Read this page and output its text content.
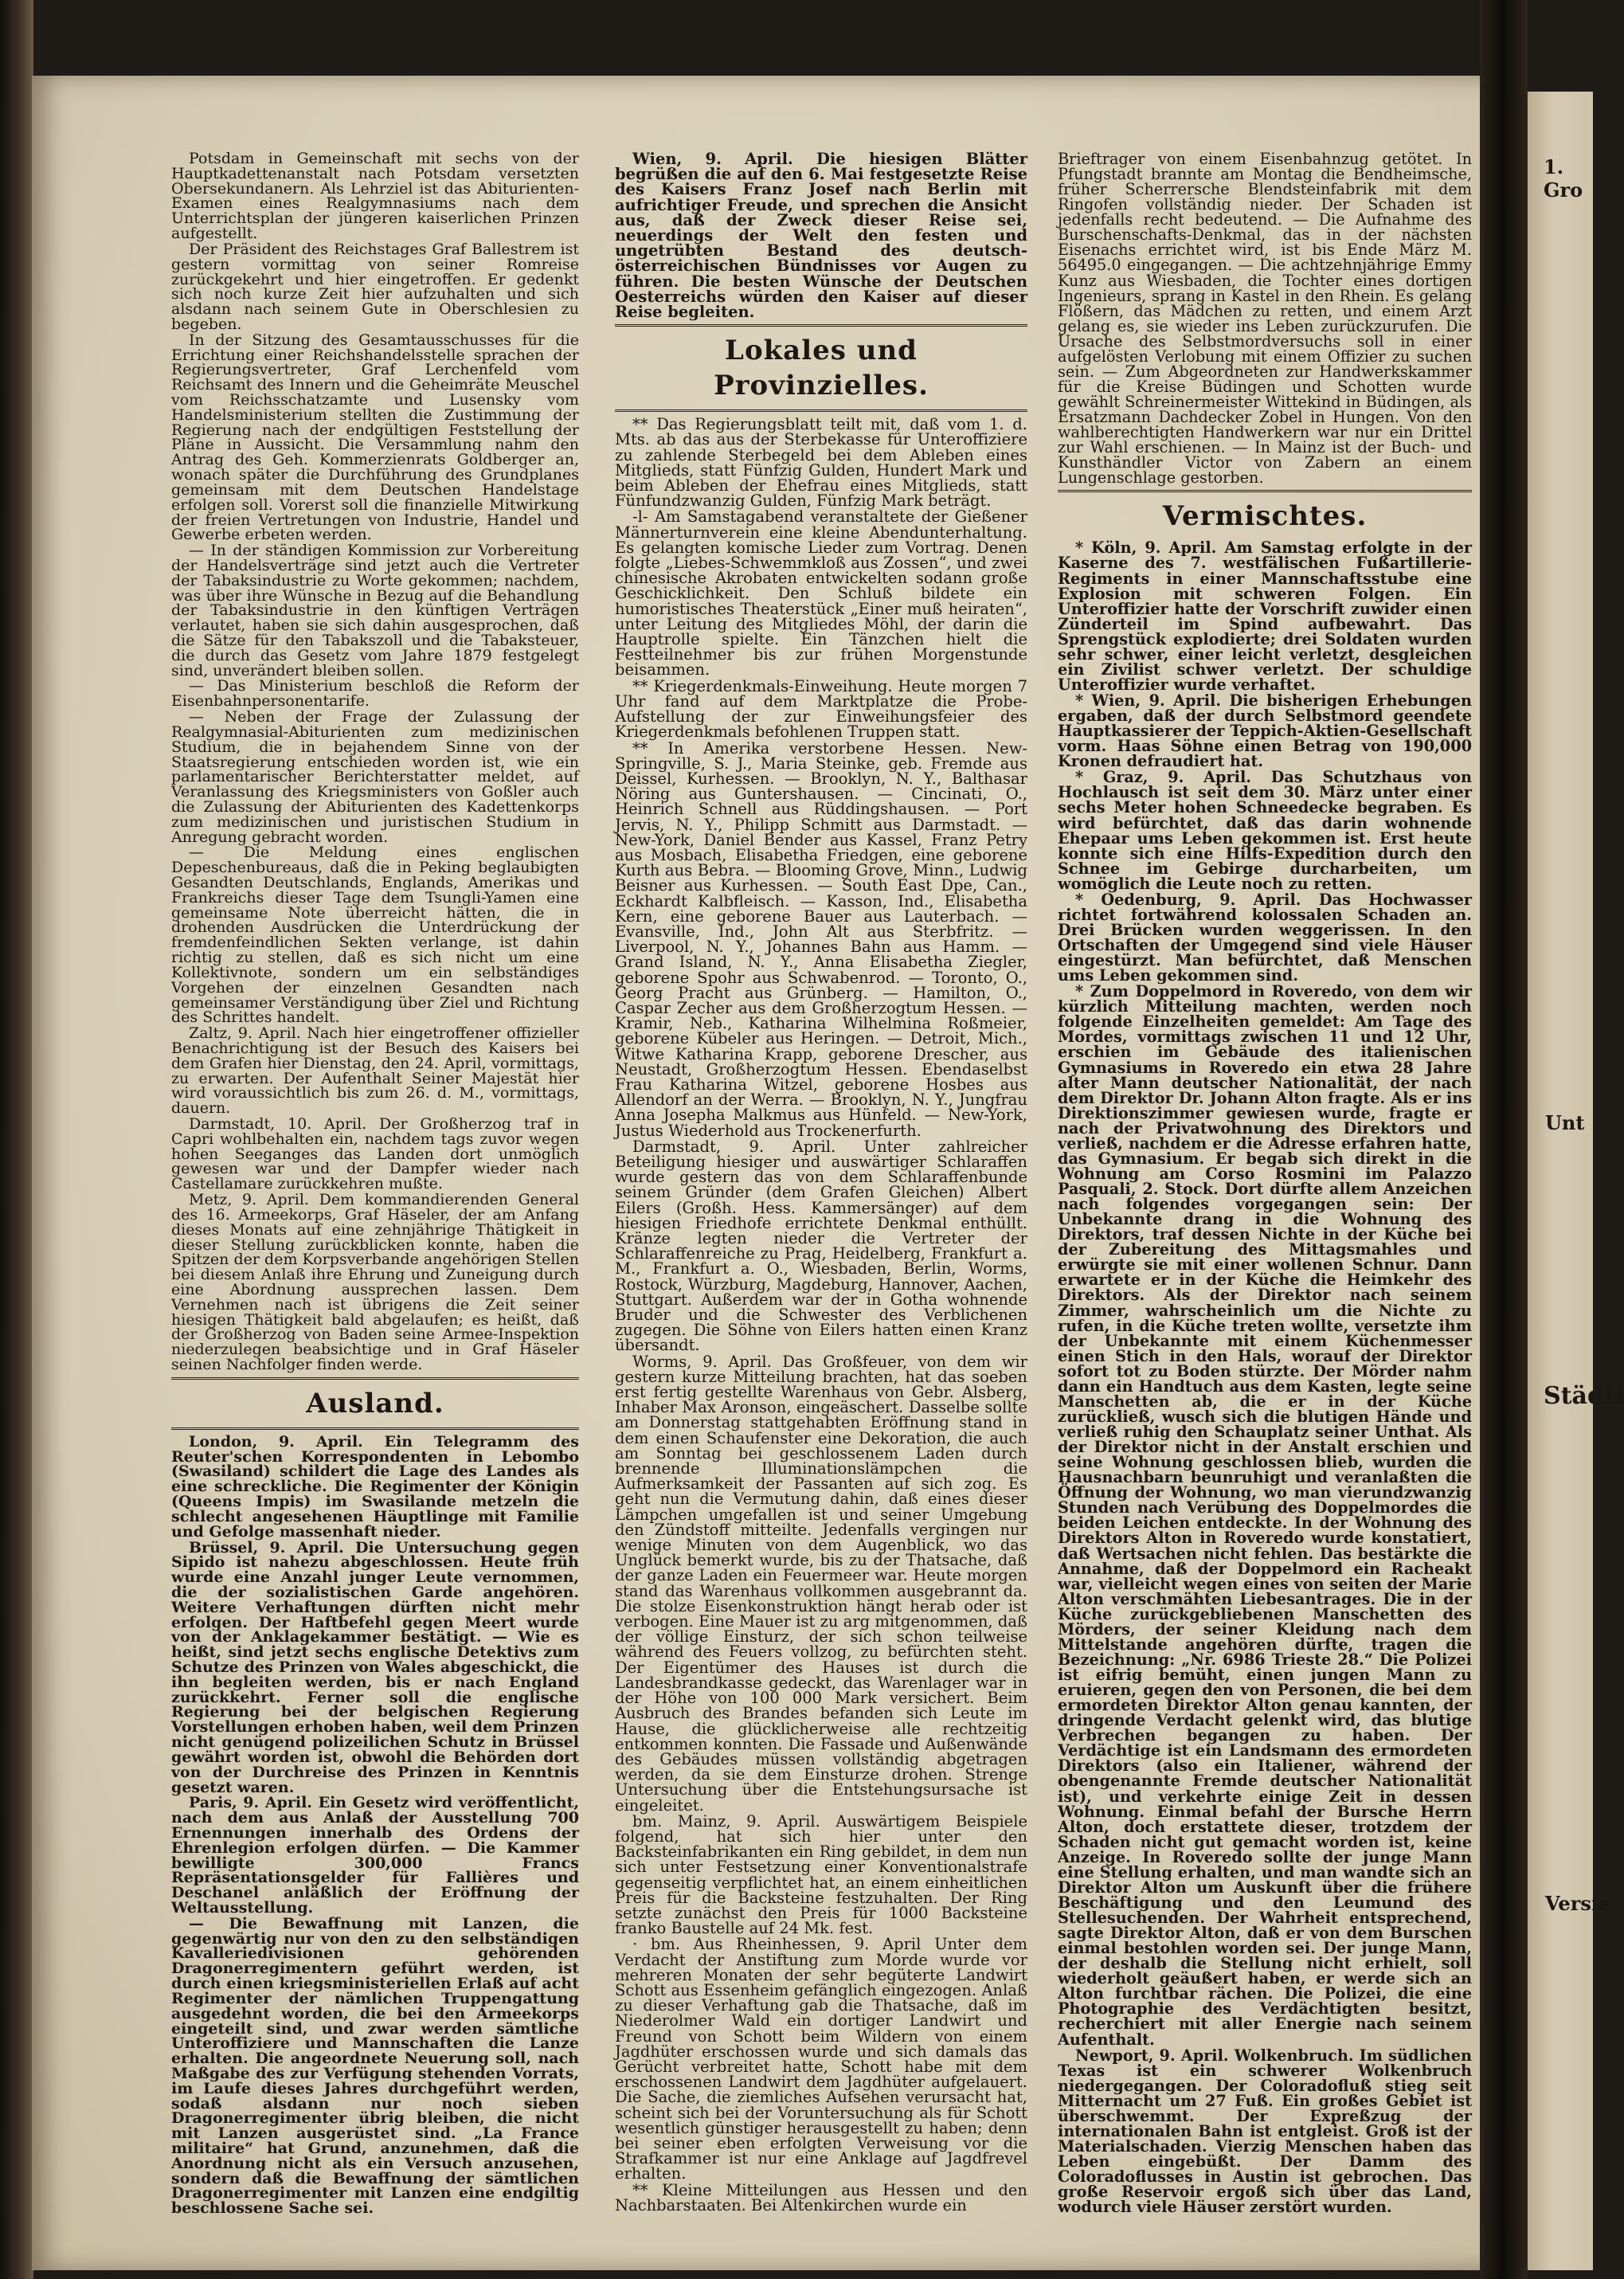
Potsdam in Gemeinschaft mit sechs von der Hauptkadettenanstalt nach Potsdam versetzten Obersekundanern. Als Lehrziel ist das Abiturienten-Examen eines Realgymnasiums nach dem Unterrichtsplan der jüngeren kaiserlichen Prinzen aufgestellt.

Der Präsident des Reichstages Graf Ballestrem ist gestern vormittag von seiner Romreise zurückgekehrt und hier eingetroffen. Er gedenkt sich noch kurze Zeit hier aufzuhalten und sich alsdann nach seinem Gute in Oberschlesien zu begeben.

In der Sitzung des Gesamtausschusses für die Errichtung einer Reichshandelsstelle sprachen der Regierungsvertreter, Graf Lerchenfeld vom Reichsamt des Innern und die Geheimräte Meuschel vom Reichsschatzamte und Lusensky vom Handelsministerium stellten die Zustimmung der Regierung nach der endgültigen Feststellung der Pläne in Aussicht. Die Versammlung nahm den Antrag des Geh. Kommerzienrats Goldberger an, wonach später die Durchführung des Grundplanes gemeinsam mit dem Deutschen Handelstage erfolgen soll. Vorerst soll die finanzielle Mitwirkung der freien Vertretungen von Industrie, Handel und Gewerbe erbeten werden.

— In der ständigen Kommission zur Vorbereitung der Handelsverträge sind jetzt auch die Vertreter der Tabaksindustrie zu Worte gekommen; nachdem, was über ihre Wünsche in Bezug auf die Behandlung der Tabaksindustrie in den künftigen Verträgen verlautet, haben sie sich dahin ausgesprochen, daß die Sätze für den Tabakszoll und die Tabaksteuer, die durch das Gesetz vom Jahre 1879 festgelegt sind, unverändert bleiben sollen.

— Das Ministerium beschloß die Reform der Eisenbahnpersonentarife.

— Neben der Frage der Zulassung der Realgymnasial-Abiturienten zum medizinischen Studium, die in bejahendem Sinne von der Staatsregierung entschieden worden ist, wie ein parlamentarischer Berichterstatter meldet, auf Veranlassung des Kriegsministers von Goßler auch die Zulassung der Abiturienten des Kadettenkorps zum medizinischen und juristischen Studium in Anregung gebracht worden.

— Die Meldung eines englischen Depeschenbureaus, daß die in Peking beglaubigten Gesandten Deutschlands, Englands, Amerikas und Frankreichs dieser Tage dem Tsungli-Yamen eine gemeinsame Note überreicht hätten, die in drohenden Ausdrücken die Unterdrückung der fremdenfeindlichen Sekten verlange, ist dahin richtig zu stellen, daß es sich nicht um eine Kollektivnote, sondern um ein selbständiges Vorgehen der einzelnen Gesandten nach gemeinsamer Verständigung über Ziel und Richtung des Schrittes handelt.

Zaltz, 9. April. Nach hier eingetroffener offizieller Benachrichtigung ist der Besuch des Kaisers bei dem Grafen hier Dienstag, den 24. April, vormittags, zu erwarten. Der Aufenthalt Seiner Majestät hier wird voraussichtlich bis zum 26. d. M., vormittags, dauern.

Darmstadt, 10. April. Der Großherzog traf in Capri wohlbehalten ein, nachdem tags zuvor wegen hohen Seeganges das Landen dort unmöglich gewesen war und der Dampfer wieder nach Castellamare zurückkehren mußte.

Metz, 9. April. Dem kommandierenden General des 16. Armeekorps, Graf Häseler, der am Anfang dieses Monats auf eine zehnjährige Thätigkeit in dieser Stellung zurückblicken konnte, haben die Spitzen der dem Korpsverbande angehörigen Stellen bei diesem Anlaß ihre Ehrung und Zuneigung durch eine Abordnung aussprechen lassen. Dem Vernehmen nach ist übrigens die Zeit seiner hiesigen Thätigkeit bald abgelaufen; es heißt, daß der Großherzog von Baden seine Armee-Inspektion niederzulegen beabsichtige und in Graf Häseler seinen Nachfolger finden werde.

Ausland.

London, 9. April. Ein Telegramm des Reuter'schen Korrespondenten in Lebombo (Swasiland) schildert die Lage des Landes als eine schreckliche. Die Regimenter der Königin (Queens Impis) im Swasilande metzeln die schlecht angesehenen Häuptlinge mit Familie und Gefolge massenhaft nieder.

Brüssel, 9. April. Die Untersuchung gegen Sipido ist nahezu abgeschlossen. Heute früh wurde eine Anzahl junger Leute vernommen, die der sozialistischen Garde angehören. Weitere Verhaftungen dürften nicht mehr erfolgen. Der Haftbefehl gegen Meert wurde von der Anklagekammer bestätigt. — Wie es heißt, sind jetzt sechs englische Detektivs zum Schutze des Prinzen von Wales abgeschickt, die ihn begleiten werden, bis er nach England zurückkehrt. Ferner soll die englische Regierung bei der belgischen Regierung Vorstellungen erhoben haben, weil dem Prinzen nicht genügend polizeilichen Schutz in Brüssel gewährt worden ist, obwohl die Behörden dort von der Durchreise des Prinzen in Kenntnis gesetzt waren.

Paris, 9. April. Ein Gesetz wird veröffentlicht, nach dem aus Anlaß der Ausstellung 700 Ernennungen innerhalb des Ordens der Ehrenlegion erfolgen dürfen. — Die Kammer bewilligte 300,000 Francs Repräsentationsgelder für Fallières und Deschanel anläßlich der Eröffnung der Weltausstellung.

— Die Bewaffnung mit Lanzen, die gegenwärtig nur von den zu den selbständigen Kavalleriedivisionen gehörenden Dragonerregimentern geführt werden, ist durch einen kriegsministeriellen Erlaß auf acht Regimenter der nämlichen Truppengattung ausgedehnt worden, die bei den Armeekorps eingeteilt sind, und zwar werden sämtliche Unteroffiziere und Mannschaften die Lanze erhalten. Die angeordnete Neuerung soll, nach Maßgabe des zur Verfügung stehenden Vorrats, im Laufe dieses Jahres durchgeführt werden, sodaß alsdann nur noch sieben Dragonerregimenter übrig bleiben, die nicht mit Lanzen ausgerüstet sind. „La France militaire“ hat Grund, anzunehmen, daß die Anordnung nicht als ein Versuch anzusehen, sondern daß die Bewaffnung der sämtlichen Dragonerregimenter mit Lanzen eine endgiltig beschlossene Sache sei.

Wien, 9. April. Die hiesigen Blätter begrüßen die auf den 6. Mai festgesetzte Reise des Kaisers Franz Josef nach Berlin mit aufrichtiger Freude, und sprechen die Ansicht aus, daß der Zweck dieser Reise sei, neuerdings der Welt den festen und ungetrübten Bestand des deutsch-österreichischen Bündnisses vor Augen zu führen. Die besten Wünsche der Deutschen Oesterreichs würden den Kaiser auf dieser Reise begleiten.

Lokales und Provinzielles.

** Das Regierungsblatt teilt mit, daß vom 1. d. Mts. ab das aus der Sterbekasse für Unteroffiziere zu zahlende Sterbegeld bei dem Ableben eines Mitglieds, statt Fünfzig Gulden, Hundert Mark und beim Ableben der Ehefrau eines Mitglieds, statt Fünfundzwanzig Gulden, Fünfzig Mark beträgt.

-l- Am Samstagabend veranstaltete der Gießener Männerturnverein eine kleine Abendunterhaltung. Es gelangten komische Lieder zum Vortrag. Denen folgte „Liebes-Schwemmkloß aus Zossen“, und zwei chinesische Akrobaten entwickelten sodann große Geschicklichkeit. Den Schluß bildete ein humoristisches Theaterstück „Einer muß heiraten“, unter Leitung des Mitgliedes Möhl, der darin die Hauptrolle spielte. Ein Tänzchen hielt die Festteilnehmer bis zur frühen Morgenstunde beisammen.

** Kriegerdenkmals-Einweihung. Heute morgen 7 Uhr fand auf dem Marktplatze die Probe-Aufstellung der zur Einweihungsfeier des Kriegerdenkmals befohlenen Truppen statt.

** In Amerika verstorbene Hessen. New-Springville, S. J., Maria Steinke, geb. Fremde aus Deissel, Kurhessen. — Brooklyn, N. Y., Balthasar Nöring aus Guntershausen. — Cincinati, O., Heinrich Schnell aus Rüddingshausen. — Port Jervis, N. Y., Philipp Schmitt aus Darmstadt. — New-York, Daniel Bender aus Kassel, Franz Petry aus Mosbach, Elisabetha Friedgen, eine geborene Kurth aus Bebra. — Blooming Grove, Minn., Ludwig Beisner aus Kurhessen. — South East Dpe, Can., Eckhardt Kalbfleisch. — Kasson, Ind., Elisabetha Kern, eine geborene Bauer aus Lauterbach. — Evansville, Ind., John Alt aus Sterbfritz. — Liverpool, N. Y., Johannes Bahn aus Hamm. — Grand Island, N. Y., Anna Elisabetha Ziegler, geborene Spohr aus Schwabenrod. — Toronto, O., Georg Pracht aus Grünberg. — Hamilton, O., Caspar Zecher aus dem Großherzogtum Hessen. — Kramir, Neb., Katharina Wilhelmina Roßmeier, geborene Kübeler aus Heringen. — Detroit, Mich., Witwe Katharina Krapp, geborene Drescher, aus Neustadt, Großherzogtum Hessen. Ebendaselbst Frau Katharina Witzel, geborene Hosbes aus Allendorf an der Werra. — Brooklyn, N. Y., Jungfrau Anna Josepha Malkmus aus Hünfeld. — New-York, Justus Wiederhold aus Trockenerfurth.

Darmstadt, 9. April. Unter zahlreicher Beteiligung hiesiger und auswärtiger Schlaraffen wurde gestern das von dem Schlaraffenbunde seinem Gründer (dem Grafen Gleichen) Albert Eilers (Großh. Hess. Kammersänger) auf dem hiesigen Friedhofe errichtete Denkmal enthüllt. Kränze legten nieder die Vertreter der Schlaraffenreiche zu Prag, Heidelberg, Frankfurt a. M., Frankfurt a. O., Wiesbaden, Berlin, Worms, Rostock, Würzburg, Magdeburg, Hannover, Aachen, Stuttgart. Außerdem war der in Gotha wohnende Bruder und die Schwester des Verblichenen zugegen. Die Söhne von Eilers hatten einen Kranz übersandt.

Worms, 9. April. Das Großfeuer, von dem wir gestern kurze Mitteilung brachten, hat das soeben erst fertig gestellte Warenhaus von Gebr. Alsberg, Inhaber Max Aronson, eingeäschert. Dasselbe sollte am Donnerstag stattgehabten Eröffnung stand in dem einen Schaufenster eine Dekoration, die auch am Sonntag bei geschlossenem Laden durch brennende Illuminationslämpchen die Aufmerksamkeit der Passanten auf sich zog. Es geht nun die Vermutung dahin, daß eines dieser Lämpchen umgefallen ist und seiner Umgebung den Zündstoff mitteilte. Jedenfalls vergingen nur wenige Minuten von dem Augenblick, wo das Unglück bemerkt wurde, bis zu der Thatsache, daß der ganze Laden ein Feuermeer war. Heute morgen stand das Warenhaus vollkommen ausgebrannt da. Die stolze Eisenkonstruktion hängt herab oder ist verbogen. Eine Mauer ist zu arg mitgenommen, daß der völlige Einsturz, der sich schon teilweise während des Feuers vollzog, zu befürchten steht. Der Eigentümer des Hauses ist durch die Landesbrandkasse gedeckt, das Warenlager war in der Höhe von 100 000 Mark versichert. Beim Ausbruch des Brandes befanden sich Leute im Hause, die glücklicherweise alle rechtzeitig entkommen konnten. Die Fassade und Außenwände des Gebäudes müssen vollständig abgetragen werden, da sie dem Einsturze drohen. Strenge Untersuchung über die Entstehungsursache ist eingeleitet.

bm. Mainz, 9. April. Auswärtigem Beispiele folgend, hat sich hier unter den Backsteinfabrikanten ein Ring gebildet, in dem nun sich unter Festsetzung einer Konventionalstrafe gegenseitig verpflichtet hat, an einem einheitlichen Preis für die Backsteine festzuhalten. Der Ring setzte zunächst den Preis für 1000 Backsteine franko Baustelle auf 24 Mk. fest.

· bm. Aus Rheinhessen, 9. April Unter dem Verdacht der Anstiftung zum Morde wurde vor mehreren Monaten der sehr begüterte Landwirt Schott aus Essenheim gefänglich eingezogen. Anlaß zu dieser Verhaftung gab die Thatsache, daß im Niederolmer Wald ein dortiger Landwirt und Freund von Schott beim Wildern von einem Jagdhüter erschossen wurde und sich damals das Gerücht verbreitet hatte, Schott habe mit dem erschossenen Landwirt dem Jagdhüter aufgelauert. Die Sache, die ziemliches Aufsehen verursacht hat, scheint sich bei der Voruntersuchung als für Schott wesentlich günstiger herausgestellt zu haben; denn bei seiner eben erfolgten Verweisung vor die Strafkammer ist nur eine Anklage auf Jagdfrevel erhalten.

** Kleine Mitteilungen aus Hessen und den Nachbarstaaten. Bei Altenkirchen wurde ein

Brieftrager von einem Eisenbahnzug getötet. In Pfungstadt brannte am Montag die Bendheimsche, früher Scherrersche Blendsteinfabrik mit dem Ringofen vollständig nieder. Der Schaden ist jedenfalls recht bedeutend. — Die Aufnahme des Burschenschafts-Denkmal, das in der nächsten Eisenachs errichtet wird, ist bis Ende März M. 56495.0 eingegangen. — Die achtzehnjährige Emmy Kunz aus Wiesbaden, die Tochter eines dortigen Ingenieurs, sprang in Kastel in den Rhein. Es gelang Flößern, das Mädchen zu retten, und einem Arzt gelang es, sie wieder ins Leben zurückzurufen. Die Ursache des Selbstmordversuchs soll in einer aufgelösten Verlobung mit einem Offizier zu suchen sein. — Zum Abgeordneten zur Handwerkskammer für die Kreise Büdingen und Schotten wurde gewählt Schreinermeister Wittekind in Büdingen, als Ersatzmann Dachdecker Zobel in Hungen. Von den wahlberechtigten Handwerkern war nur ein Drittel zur Wahl erschienen. — In Mainz ist der Buch- und Kunsthändler Victor von Zabern an einem Lungenschlage gestorben.

Vermischtes.

* Köln, 9. April. Am Samstag erfolgte in der Kaserne des 7. westfälischen Fußartillerie-Regiments in einer Mannschaftsstube eine Explosion mit schweren Folgen. Ein Unteroffizier hatte der Vorschrift zuwider einen Zünderteil im Spind aufbewahrt. Das Sprengstück explodierte; drei Soldaten wurden sehr schwer, einer leicht verletzt, desgleichen ein Zivilist schwer verletzt. Der schuldige Unteroffizier wurde verhaftet.

* Wien, 9. April. Die bisherigen Erhebungen ergaben, daß der durch Selbstmord geendete Hauptkassierer der Teppich-Aktien-Gesellschaft vorm. Haas Söhne einen Betrag von 190,000 Kronen defraudiert hat.

* Graz, 9. April. Das Schutzhaus von Hochlausch ist seit dem 30. März unter einer sechs Meter hohen Schneedecke begraben. Es wird befürchtet, daß das darin wohnende Ehepaar ums Leben gekommen ist. Erst heute konnte sich eine Hilfs-Expedition durch den Schnee im Gebirge durcharbeiten, um womöglich die Leute noch zu retten.

* Oedenburg, 9. April. Das Hochwasser richtet fortwährend kolossalen Schaden an. Drei Brücken wurden weggerissen. In den Ortschaften der Umgegend sind viele Häuser eingestürzt. Man befürchtet, daß Menschen ums Leben gekommen sind.

* Zum Doppelmord in Roveredo, von dem wir kürzlich Mitteilung machten, werden noch folgende Einzelheiten gemeldet: Am Tage des Mordes, vormittags zwischen 11 und 12 Uhr, erschien im Gebäude des italienischen Gymnasiums in Roveredo ein etwa 28 Jahre alter Mann deutscher Nationalität, der nach dem Direktor Dr. Johann Alton fragte. Als er ins Direktionszimmer gewiesen wurde, fragte er nach der Privatwohnung des Direktors und verließ, nachdem er die Adresse erfahren hatte, das Gymnasium. Er begab sich direkt in die Wohnung am Corso Rosmini im Palazzo Pasquali, 2. Stock. Dort dürfte allem Anzeichen nach folgendes vorgegangen sein: Der Unbekannte drang in die Wohnung des Direktors, traf dessen Nichte in der Küche bei der Zubereitung des Mittagsmahles und erwürgte sie mit einer wollenen Schnur. Dann erwartete er in der Küche die Heimkehr des Direktors. Als der Direktor nach seinem Zimmer, wahrscheinlich um die Nichte zu rufen, in die Küche treten wollte, versetzte ihm der Unbekannte mit einem Küchenmesser einen Stich in den Hals, worauf der Direktor sofort tot zu Boden stürzte. Der Mörder nahm dann ein Handtuch aus dem Kasten, legte seine Manschetten ab, die er in der Küche zurückließ, wusch sich die blutigen Hände und verließ ruhig den Schauplatz seiner Unthat. Als der Direktor nicht in der Anstalt erschien und seine Wohnung geschlossen blieb, wurden die Hausnachbarn beunruhigt und veranlaßten die Öffnung der Wohnung, wo man vierundzwanzig Stunden nach Verübung des Doppelmordes die beiden Leichen entdeckte. In der Wohnung des Direktors Alton in Roveredo wurde konstatiert, daß Wertsachen nicht fehlen. Das bestärkte die Annahme, daß der Doppelmord ein Racheakt war, vielleicht wegen eines von seiten der Marie Alton verschmähten Liebesantrages. Die in der Küche zurückgebliebenen Manschetten des Mörders, der seiner Kleidung nach dem Mittelstande angehören dürfte, tragen die Bezeichnung: „Nr. 6986 Trieste 28.“ Die Polizei ist eifrig bemüht, einen jungen Mann zu eruieren, gegen den von Personen, die bei dem ermordeten Direktor Alton genau kannten, der dringende Verdacht gelenkt wird, das blutige Verbrechen begangen zu haben. Der Verdächtige ist ein Landsmann des ermordeten Direktors (also ein Italiener, während der obengenannte Fremde deutscher Nationalität ist), und verkehrte einige Zeit in dessen Wohnung. Einmal befahl der Bursche Herrn Alton, doch erstattete dieser, trotzdem der Schaden nicht gut gemacht worden ist, keine Anzeige. In Roveredo sollte der junge Mann eine Stellung erhalten, und man wandte sich an Direktor Alton um Auskunft über die frühere Beschäftigung und den Leumund des Stellesuchenden. Der Wahrheit entsprechend, sagte Direktor Alton, daß er von dem Burschen einmal bestohlen worden sei. Der junge Mann, der deshalb die Stellung nicht erhielt, soll wiederholt geäußert haben, er werde sich an Alton furchtbar rächen. Die Polizei, die eine Photographie des Verdächtigten besitzt, recherchiert mit aller Energie nach seinem Aufenthalt.

Newport, 9. April. Wolkenbruch. Im südlichen Texas ist ein schwerer Wolkenbruch niedergegangen. Der Coloradofluß stieg seit Mitternacht um 27 Fuß. Ein großes Gebiet ist überschwemmt. Der Expreßzug der internationalen Bahn ist entgleist. Groß ist der Materialschaden. Vierzig Menschen haben das Leben eingebüßt. Der Damm des Coloradoflusses in Austin ist gebrochen. Das große Reservoir ergoß sich über das Land, wodurch viele Häuser zerstört wurden.

1. Gro
Unt
Städti
Versie
